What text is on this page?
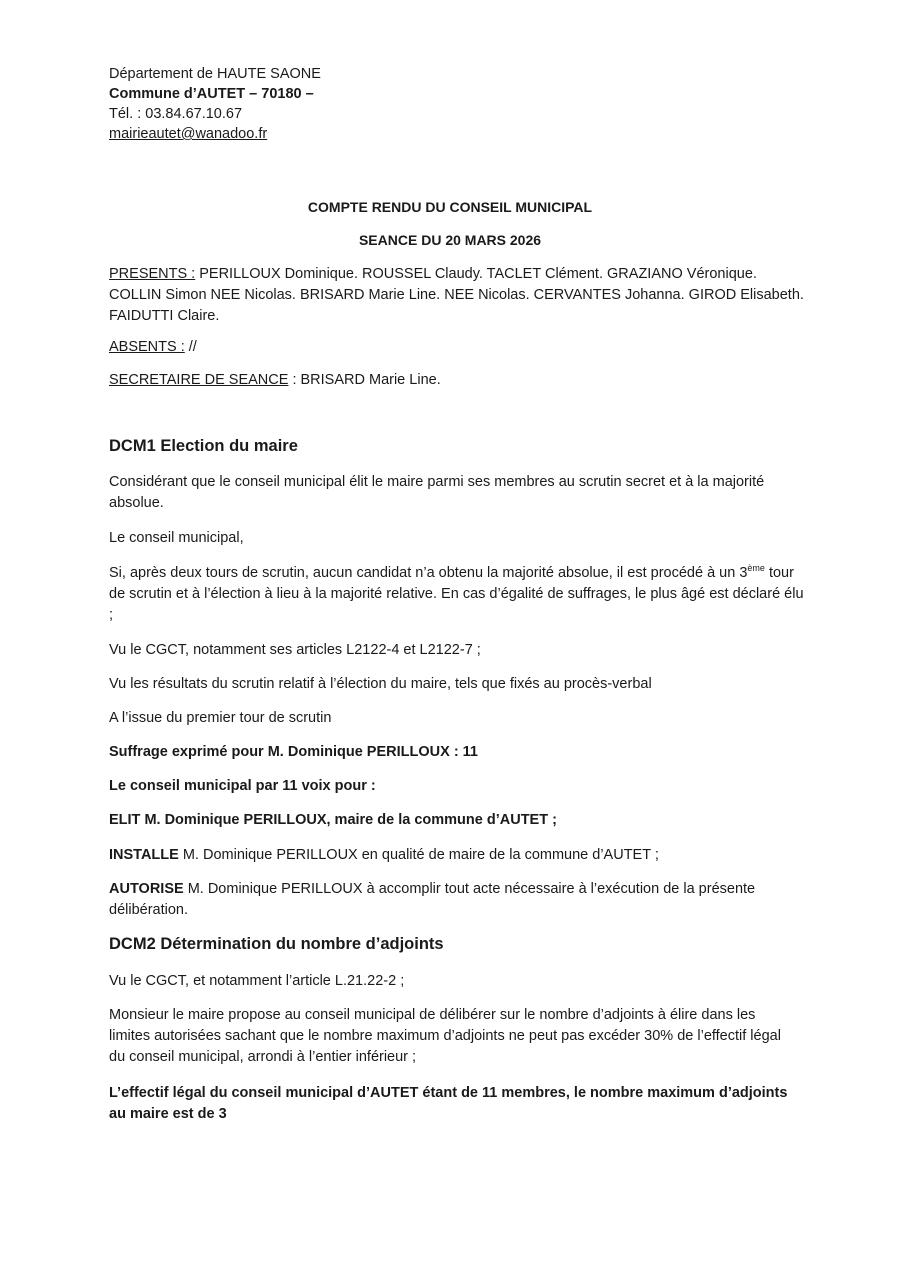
Département de HAUTE SAONE
Commune d’AUTET – 70180 –
Tél. : 03.84.67.10.67
mairieautet@wanadoo.fr
COMPTE RENDU DU CONSEIL MUNICIPAL
SEANCE DU 20 MARS 2026

PRESENTS : PERILLOUX Dominique. ROUSSEL Claudy. TACLET Clément. GRAZIANO Véronique. COLLIN Simon NEE Nicolas. BRISARD Marie Line. NEE Nicolas. CERVANTES Johanna. GIROD Elisabeth. FAIDUTTI Claire.

ABSENTS : //

SECRETAIRE DE SEANCE : BRISARD Marie Line.

DCM1 Election du maire

Considérant que le conseil municipal élit le maire parmi ses membres au scrutin secret et à la majorité absolue.

Le conseil municipal,

Si, après deux tours de scrutin, aucun candidat n’a obtenu la majorité absolue, il est procédé à un 3ème tour de scrutin et à l’élection à lieu à la majorité relative. En cas d’égalité de suffrages, le plus âgé est déclaré élu ;

Vu le CGCT, notamment ses articles L2122-4 et L2122-7 ;

Vu les résultats du scrutin relatif à l’élection du maire, tels que fixés au procès-verbal

A l’issue du premier tour de scrutin

Suffrage exprimé pour M. Dominique PERILLOUX : 11

Le conseil municipal par 11 voix pour :

ELIT M. Dominique PERILLOUX, maire de la commune d’AUTET ;

INSTALLE M. Dominique PERILLOUX en qualité de maire de la commune d’AUTET ;

AUTORISE M. Dominique PERILLOUX à accomplir tout acte nécessaire à l’exécution de la présente délibération.

DCM2 Détermination du nombre d’adjoints

Vu le CGCT, et notamment l’article L.21.22-2 ;

Monsieur le maire propose au conseil municipal de délibérer sur le nombre d’adjoints à élire dans les limites autorisées sachant que le nombre maximum d’adjoints ne peut pas excéder 30% de l’effectif légal du conseil municipal, arrondi à l’entier inférieur ;

L’effectif légal du conseil municipal d’AUTET étant de 11 membres, le nombre maximum d’adjoints au maire est de 3
